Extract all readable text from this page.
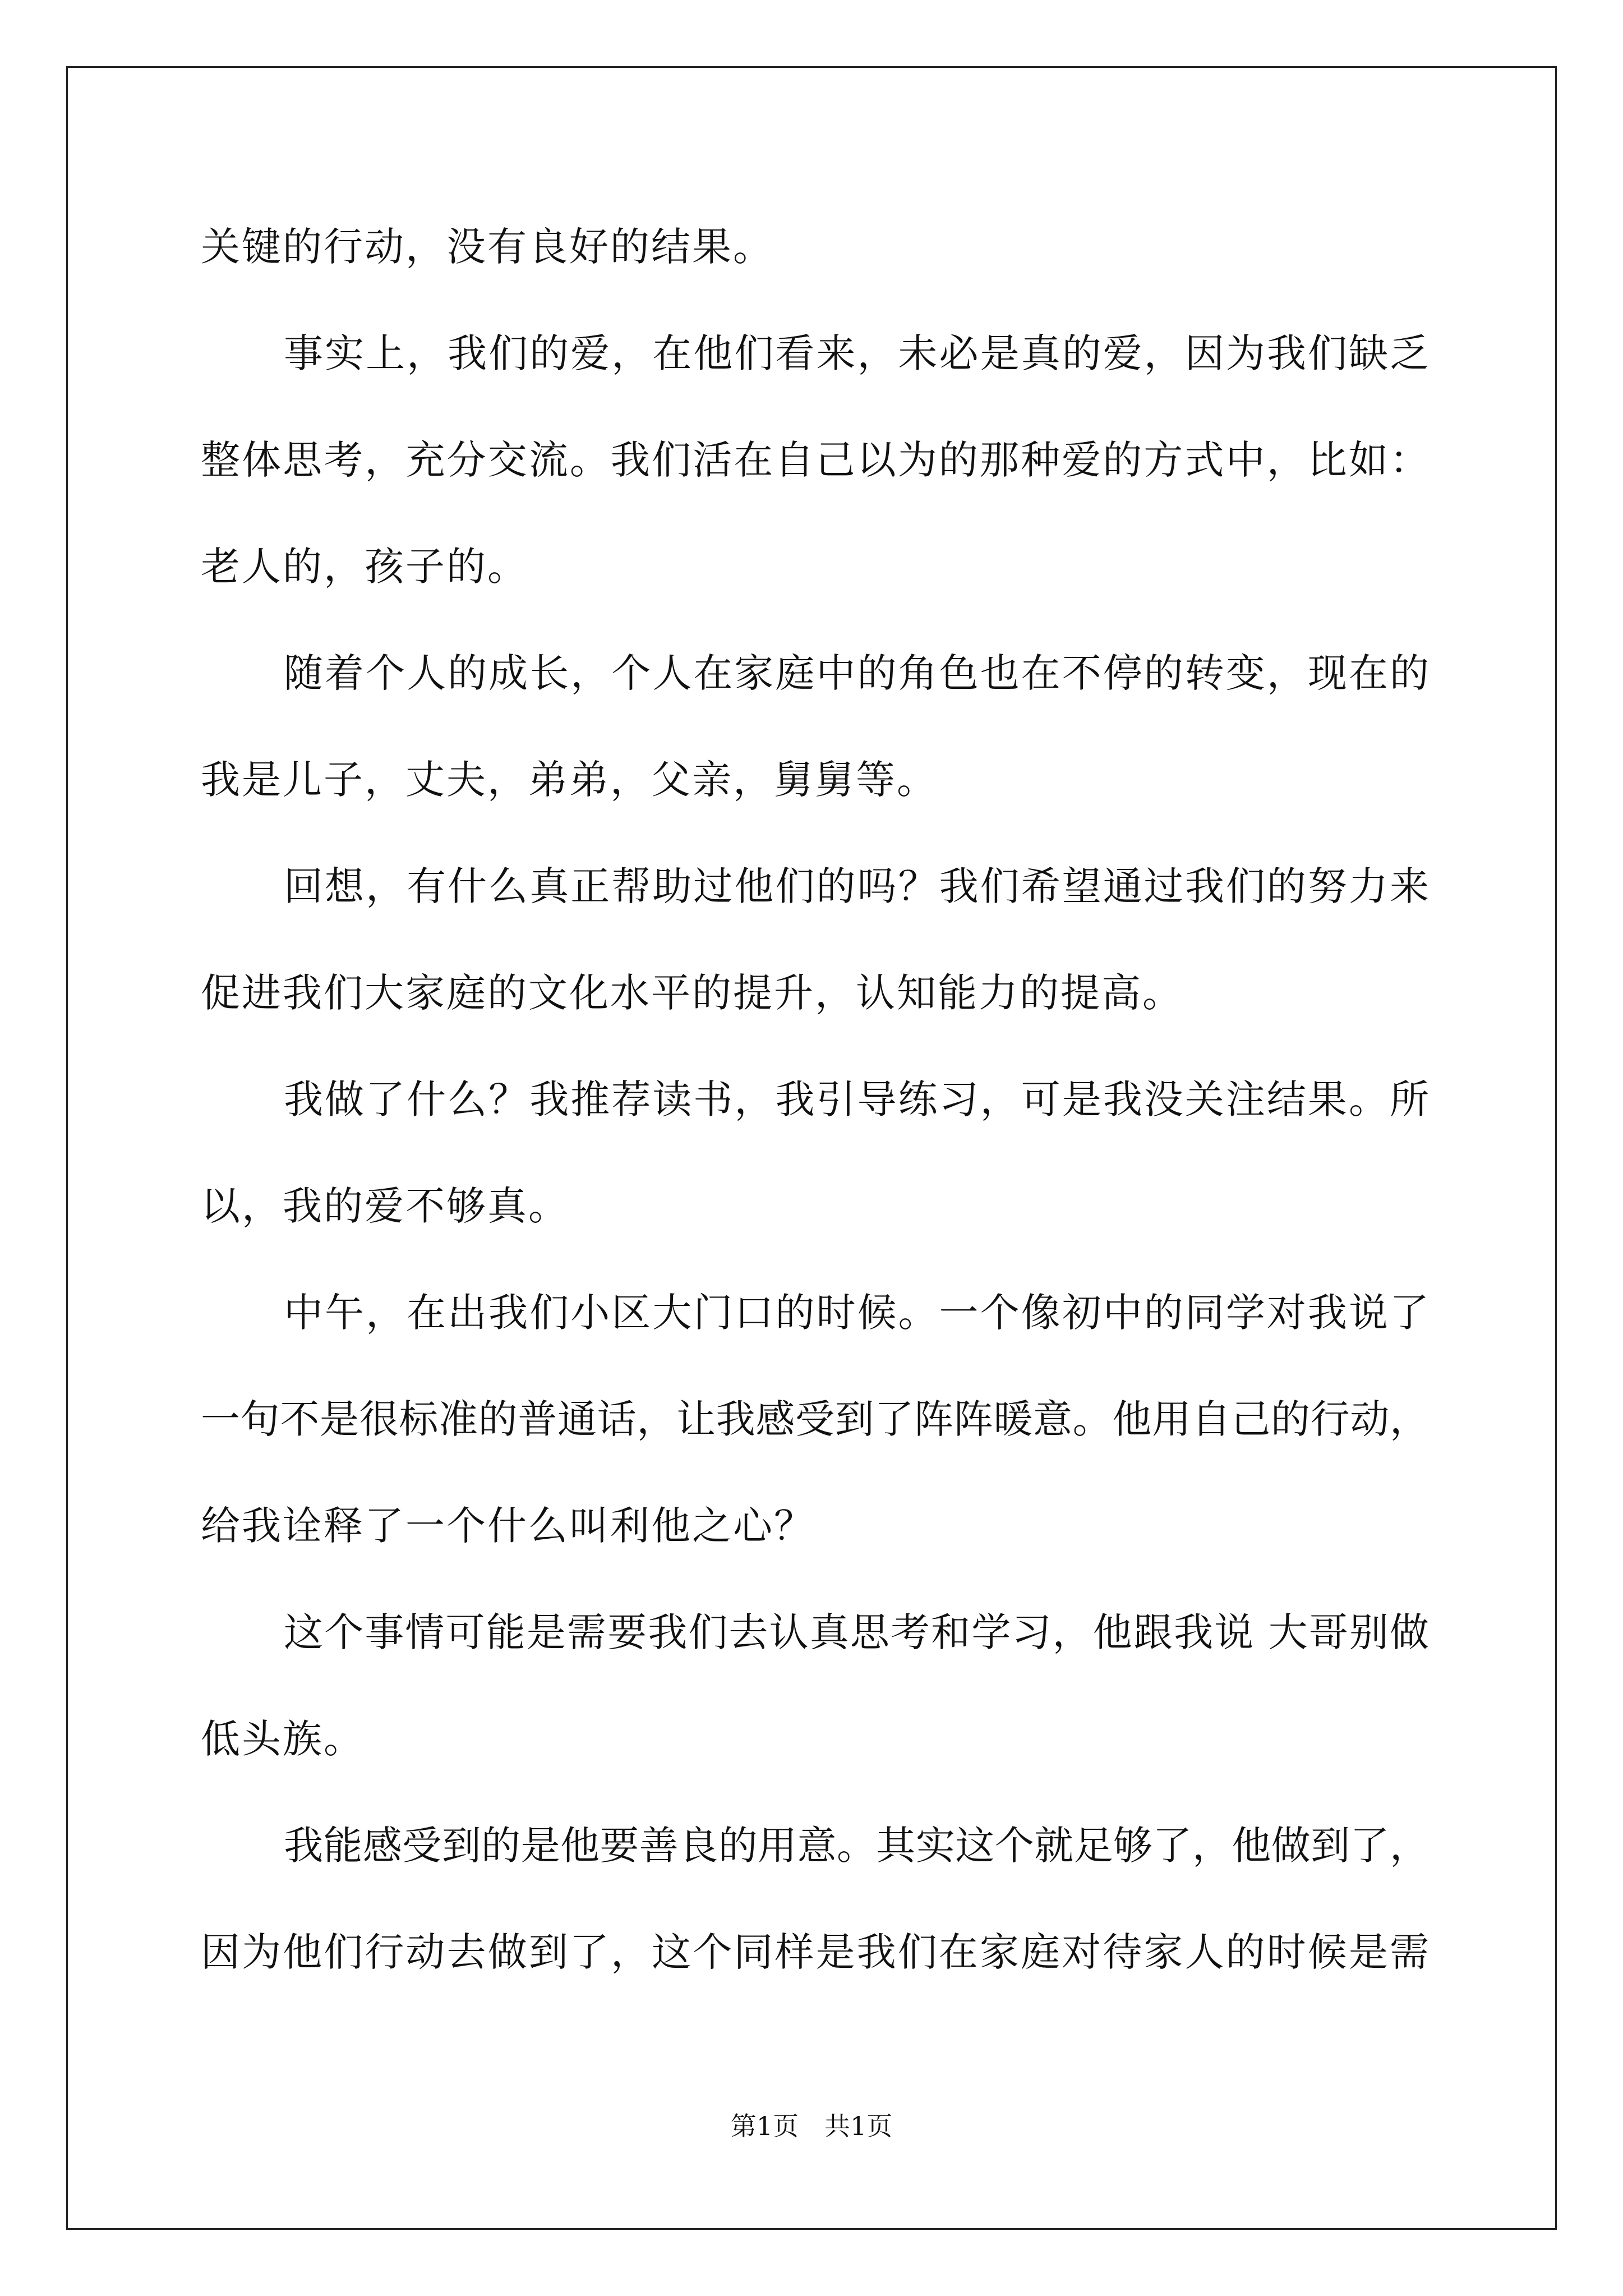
关键的行动，没有良好的结果。
事实上，我们的爱，在他们看来，未必是真的爱，因为我们缺乏
整体思考，充分交流。我们活在自己以为的那种爱的方式中，比如：
老人的，孩子的。
随着个人的成长，个人在家庭中的角色也在不停的转变，现在的
我是儿子，丈夫，弟弟，父亲，舅舅等。
回想，有什么真正帮助过他们的吗？我们希望通过我们的努力来
促进我们大家庭的文化水平的提升，认知能力的提高。
我做了什么？我推荐读书，我引导练习，可是我没关注结果。所
以，我的爱不够真。
中午，在出我们小区大门口的时候。一个像初中的同学对我说了
一句不是很标准的普通话，让我感受到了阵阵暖意。他用自己的行动，
给我诠释了一个什么叫利他之心？
这个事情可能是需要我们去认真思考和学习，他跟我说 大哥别做
低头族。
我能感受到的是他要善良的用意。其实这个就足够了，他做到了，
因为他们行动去做到了，这个同样是我们在家庭对待家人的时候是需
第1页　共1页
